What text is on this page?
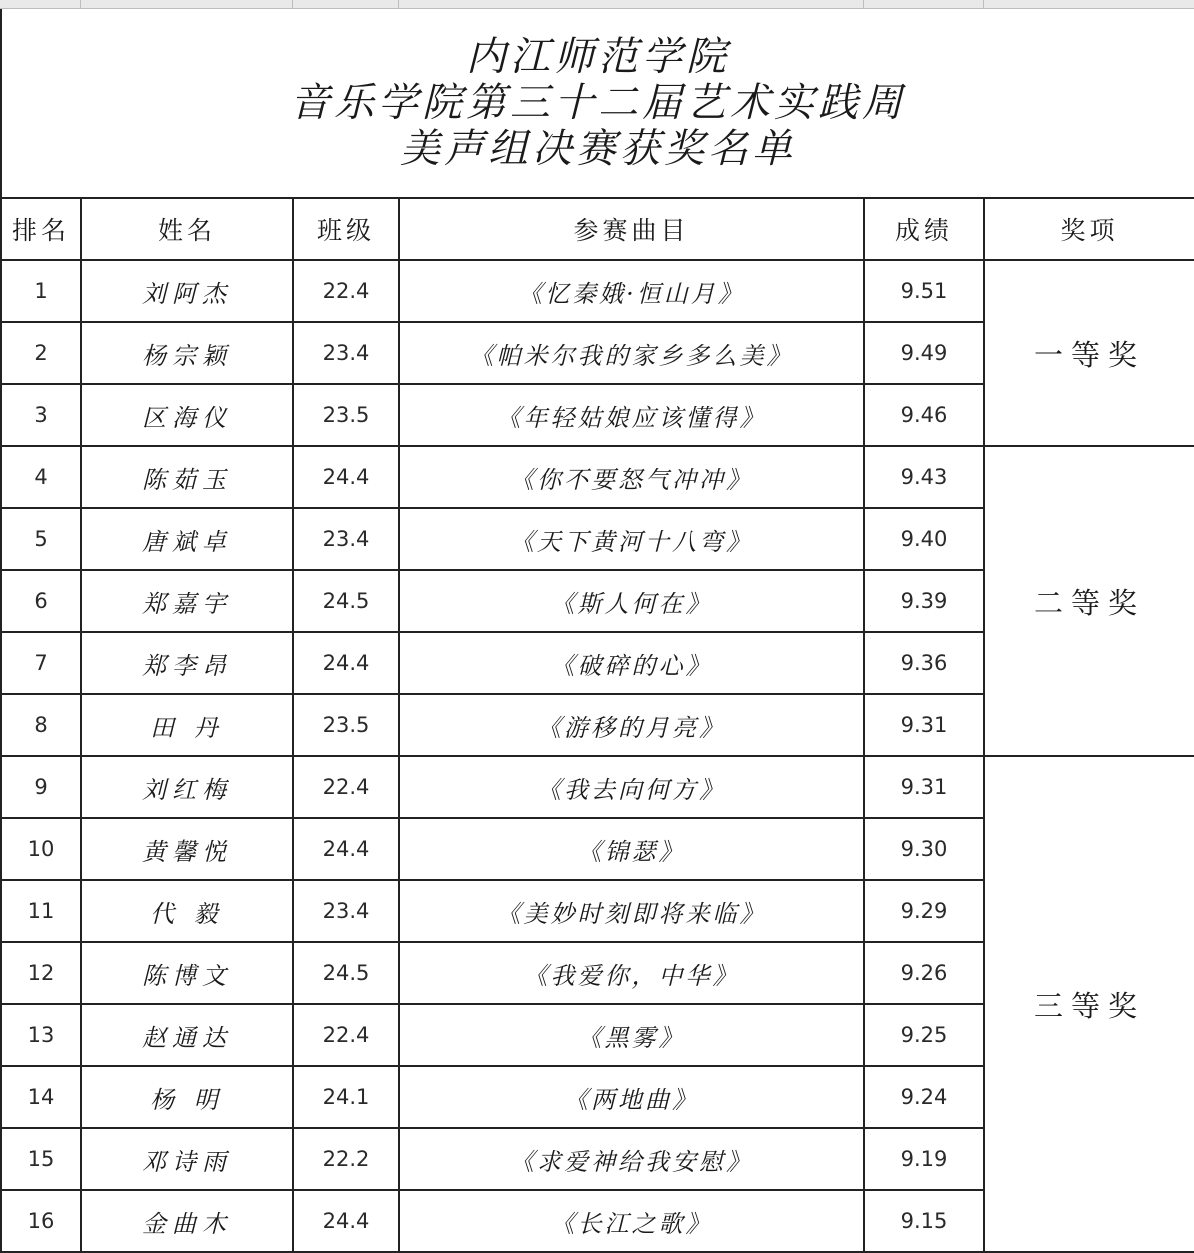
内江师范学院
音乐学院第三十二届艺术实践周
美声组决赛获奖名单
排名	姓名	班级	参赛曲目	成绩	奖项
1	刘阿杰	22.4	《忆秦娥·恒山月》	9.51	一等奖
2	杨宗颖	23.4	《帕米尔我的家乡多么美》	9.49	
3	区海仪	23.5	《年轻姑娘应该懂得》	9.46	
4	陈茹玉	24.4	《你不要怒气冲冲》	9.43	二等奖
5	唐斌卓	23.4	《天下黄河十八弯》	9.40	
6	郑嘉宇	24.5	《斯人何在》	9.39	
7	郑李昂	24.4	《破碎的心》	9.36	
8	田 丹	23.5	《游移的月亮》	9.31	
9	刘红梅	22.4	《我去向何方》	9.31	三等奖
10	黄馨悦	24.4	《锦瑟》	9.30	
11	代 毅	23.4	《美妙时刻即将来临》	9.29	
12	陈博文	24.5	《我爱你，中华》	9.26	
13	赵通达	22.4	《黑雾》	9.25	
14	杨 明	24.1	《两地曲》	9.24	
15	邓诗雨	22.2	《求爱神给我安慰》	9.19	
16	金曲木	24.4	《长江之歌》	9.15	
